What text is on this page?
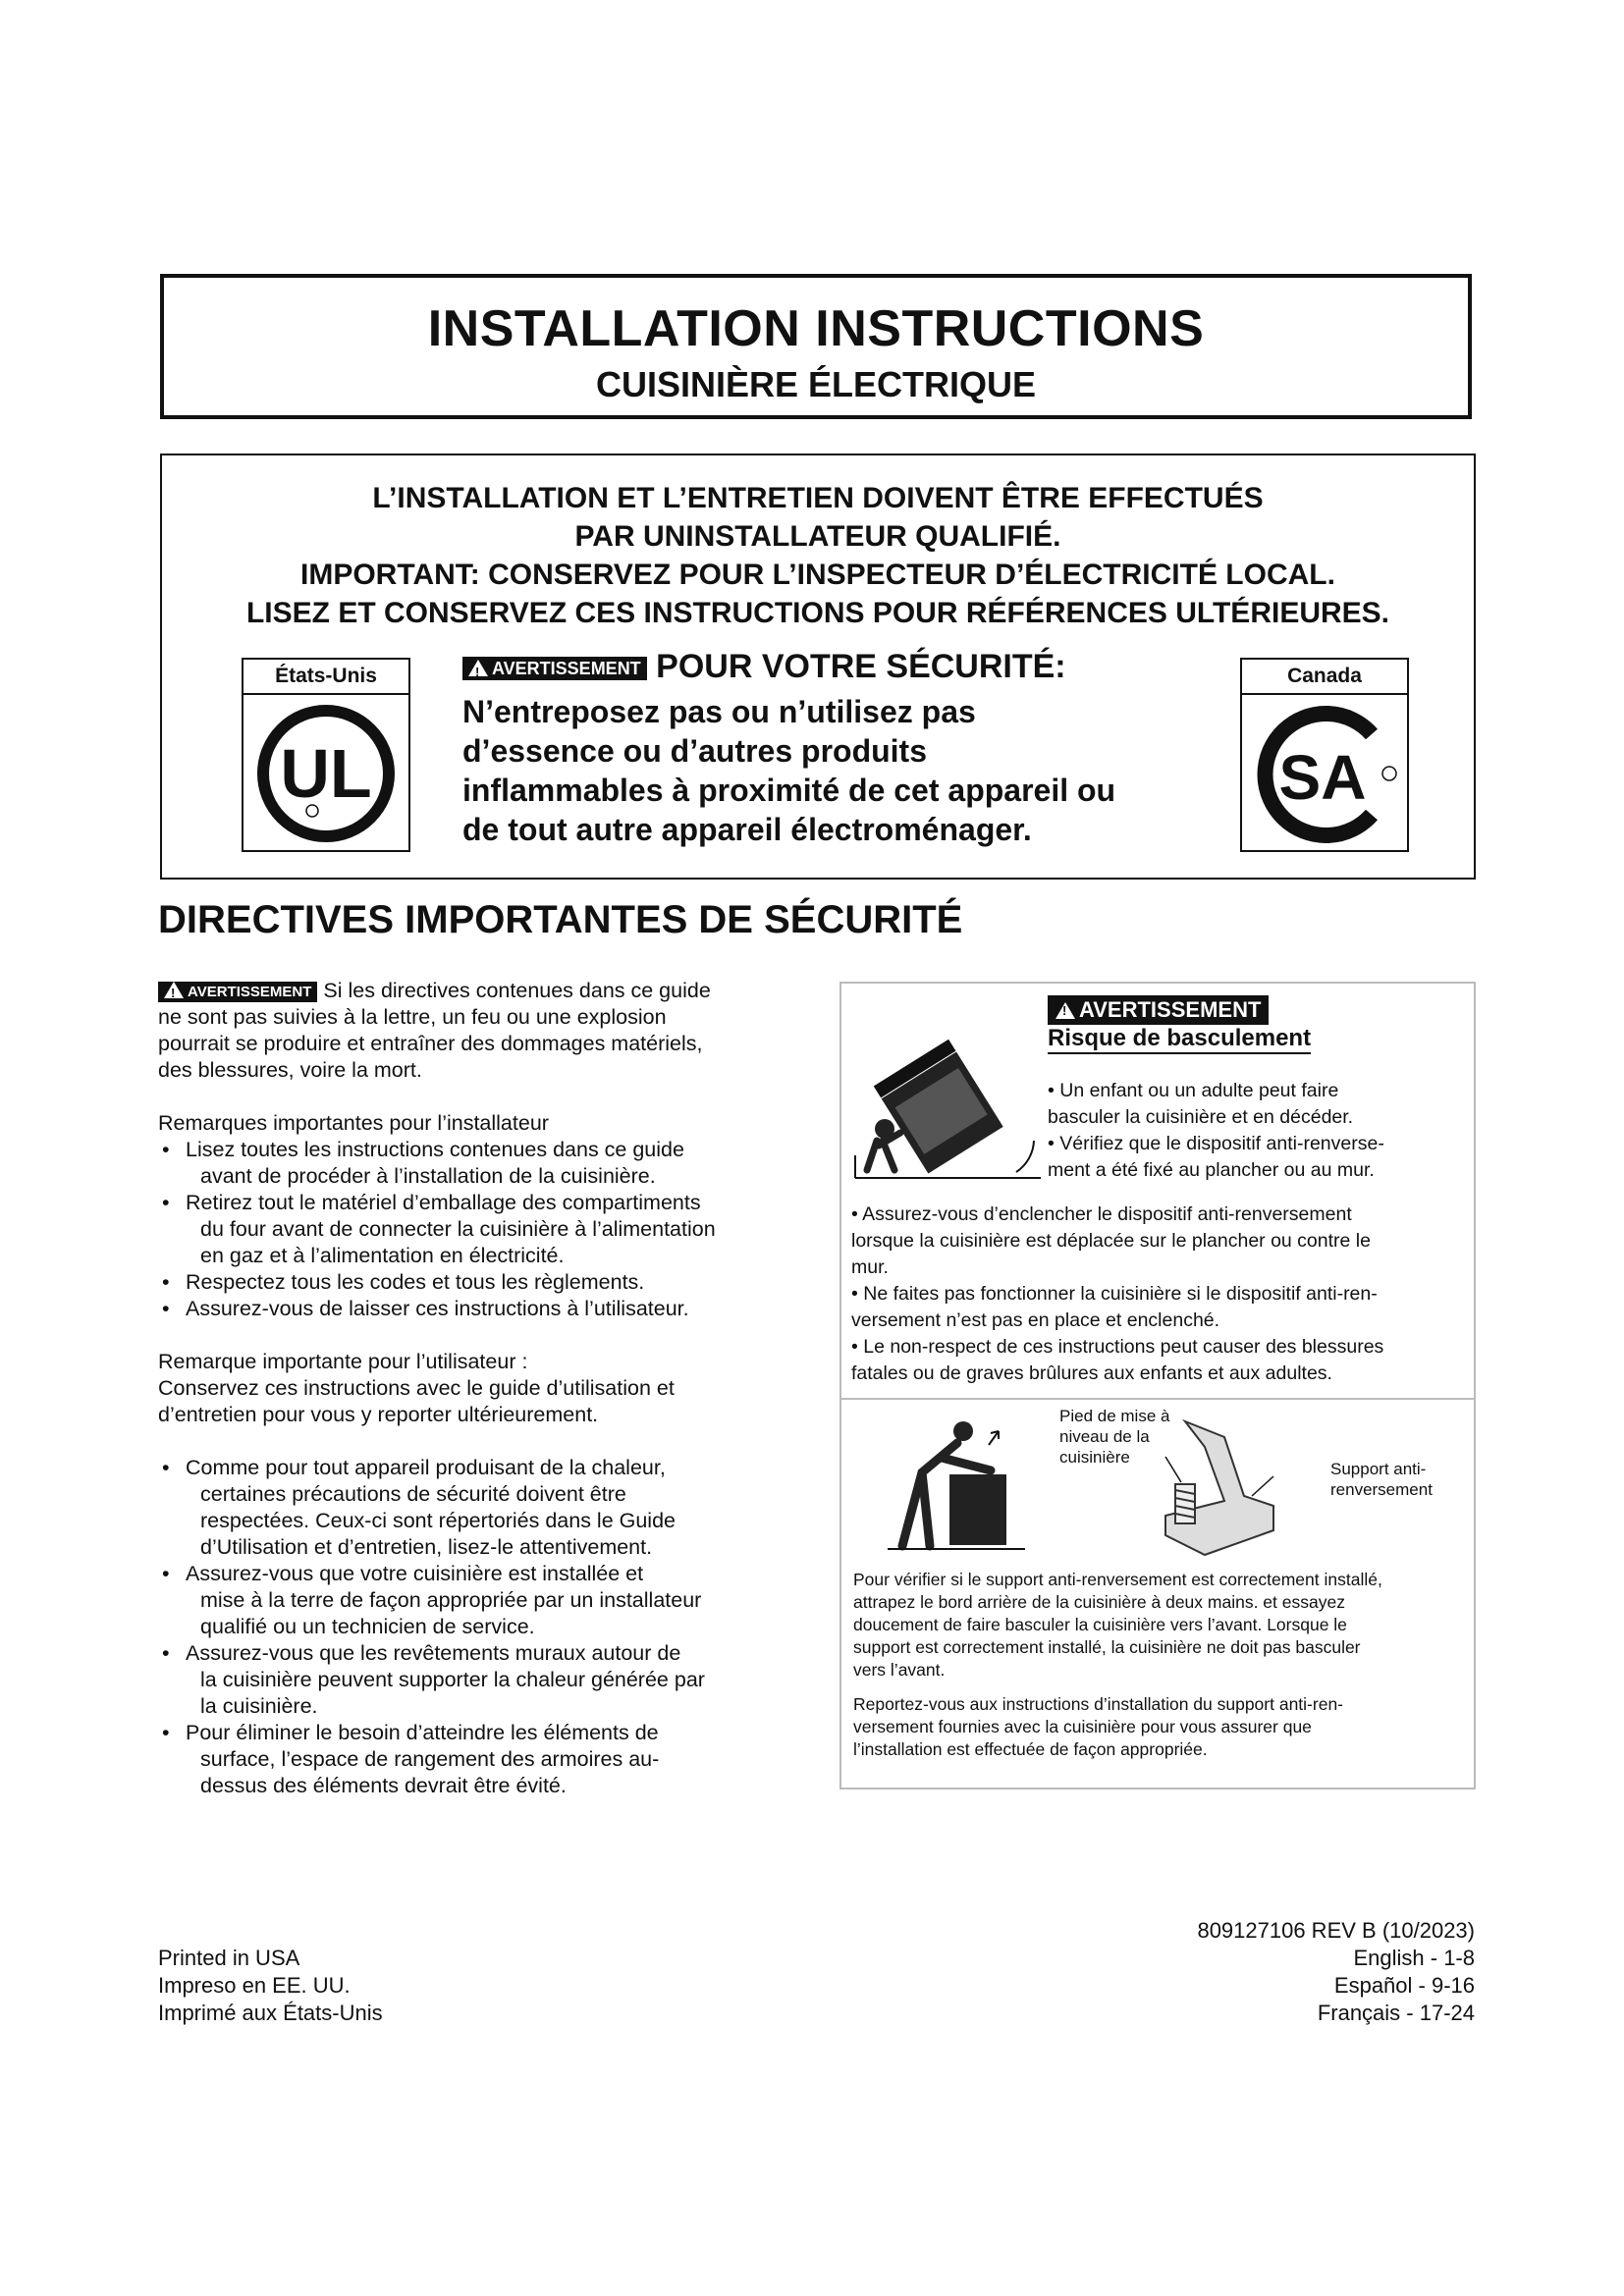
INSTALLATION INSTRUCTIONS
CUISINIÈRE ÉLECTRIQUE
L’INSTALLATION ET L’ENTRETIEN DOIVENT ÊTRE EFFECTUÉS
PAR UNINSTALLATEUR QUALIFIÉ.
IMPORTANT: CONSERVEZ POUR L’INSPECTEUR D’ÉLECTRICITÉ LOCAL.
LISEZ ET CONSERVEZ CES INSTRUCTIONS POUR RÉFÉRENCES ULTÉRIEURES.
États-Unis
UL
Canada
SA
!AVERTISSEMENT POUR VOTRE SÉCURITÉ:
N’entreposez pas ou n’utilisez pas
d’essence ou d’autres produits
inflammables à proximité de cet appareil ou
de tout autre appareil électroménager.
DIRECTIVES IMPORTANTES DE SÉCURITÉ

!AVERTISSEMENT Si les directives contenues dans ce guide
ne sont pas suivies à la lettre, un feu ou une explosion
pourrait se produire et entraîner des dommages matériels,
des blessures, voire la mort.

Remarques importantes pour l’installateur

• Lisez toutes les instructions contenues dans ce guide
avant de procéder à l’installation de la cuisinière.
• Retirez tout le matériel d’emballage des compartiments
du four avant de connecter la cuisinière à l’alimentation
en gaz et à l’alimentation en électricité.
• Respectez tous les codes et tous les règlements.
• Assurez-vous de laisser ces instructions à l’utilisateur.

Remarque importante pour l’utilisateur :

Conservez ces instructions avec le guide d’utilisation et

d’entretien pour vous y reporter ultérieurement.

• Comme pour tout appareil produisant de la chaleur,
certaines précautions de sécurité doivent être
respectées. Ceux-ci sont répertoriés dans le Guide
d’Utilisation et d’entretien, lisez-le attentivement.
• Assurez-vous que votre cuisinière est installée et
mise à la terre de façon appropriée par un installateur
qualifié ou un technicien de service.
• Assurez-vous que les revêtements muraux autour de
la cuisinière peuvent supporter la chaleur générée par
la cuisinière.
• Pour éliminer le besoin d’atteindre les éléments de
surface, l’espace de rangement des armoires au-
dessus des éléments devrait être évité.
!AVERTISSEMENT
Risque de basculement

• Un enfant ou un adulte peut faire

basculer la cuisinière et en décéder.

• Vérifiez que le dispositif anti-renverse-

ment a été fixé au plancher ou au mur.

• Assurez-vous d’enclencher le dispositif anti-renversement

lorsque la cuisinière est déplacée sur le plancher ou contre le

mur.

• Ne faites pas fonctionner la cuisinière si le dispositif anti-ren-

versement n’est pas en place et enclenché.

• Le non-respect de ces instructions peut causer des blessures

fatales ou de graves brûlures aux enfants et aux adultes.

Pied de mise à
niveau de la
cuisinière
Support anti-
renversement

Pour vérifier si le support anti-renversement est correctement installé,
attrapez le bord arrière de la cuisinière à deux mains. et essayez
doucement de faire basculer la cuisinière vers l’avant. Lorsque le
support est correctement installé, la cuisinière ne doit pas basculer
vers l’avant.

Reportez-vous aux instructions d’installation du support anti-ren-
versement fournies avec la cuisinière pour vous assurer que
l’installation est effectuée de façon appropriée.

Printed in USA
Impreso en EE. UU.
Imprimé aux États-Unis
809127106 REV B (10/2023)
English - 1-8
Español - 9-16
Français - 17-24
